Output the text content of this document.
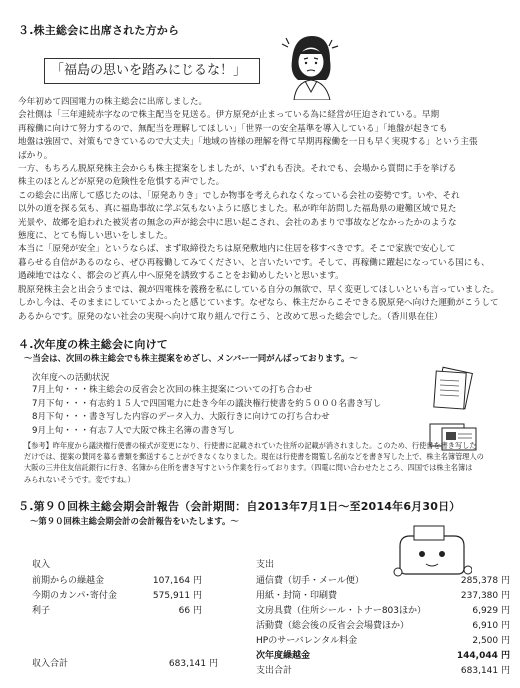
３.株主総会に出席された方から
「福島の思いを踏みにじるな！」
今年初めて四国電力の株主総会に出席しました。
会社側は「三年連続赤字なので株主配当を見送る。伊方原発が止まっている為に経営が圧迫されている。早期
再稼働に向けて努力するので、無配当を理解してほしい」「世界一の安全基準を導入している」「地盤が起きても
地盤は強固で、対策もできているので大丈夫」「地域の皆様の理解を得て早期再稼働を一日も早く実現する」という主張
ばかり。
一方、もちろん脱原発株主会からも株主提案をしましたが、いずれも否決。それでも、会場から質問に手を挙げる
株主のほとんどが原発の危険性を危惧する声でした。
この総会に出席して感じたのは、「原発ありき」でしか物事を考えられなくなっている会社の姿勢です。いや、それ
以外の道を探る気も、真に福島事故に学ぶ気もないように感じました。私が昨年訪問した福島県の避難区域で見た
光景や、故郷を追われた被災者の無念の声が総会中に思い起こされ、会社のあまりで事故などなかったかのような
態度に、とても悔しい思いをしました。
本当に「原発が安全」というならば、まず取締役たちは原発敷地内に住居を移すべきです。そこで家族で安心して
暮らせる自信があるのなら、ぜひ再稼働してみてください、と言いたいです。そして、再稼働に躍起になっている国にも、
過疎地ではなく、都会のど真ん中へ原発を誘致することをお勧めしたいと思います。
脱原発株主会と出会うまでは、親が四電株を義務を私にしている自分の無欲で、早く変更してほしいといも言っていました。
しかし今は、そのままにしていてよかったと感じています。なぜなら、株主だからこそできる脱原発へ向けた運動がこうして
あるからです。原発のない社会の実現へ向けて取り組んで行こう、と改めて思った総会でした。（香川県在住）
４.次年度の株主総会に向けて
～当会は、次回の株主総会でも株主提案をめざし、メンバー一同がんばっております。～
次年度への活動状況
7月上旬・・・株主総会の反省会と次回の株主提案についての打ち合わせ
7月下旬・・・有志約１５人で四国電力に赴き今年の議決権行使書を約５０００名書き写し
8月下旬・・・書き写した内容のデータ入力、大阪行きに向けての打ち合わせ
9月上旬・・・有志７人で大阪で株主名簿の書き写し
【参考】昨年度から議決権行使書の様式が変更になり、行使書に記載されていた住所の記載が消されました。このため、行使書を書き写した
だけでは、提案の賛同を募る書類を郵送することができなくなりました。現在は行使書を閲覧し名前などを書き写した上で、株主名簿管理人の
大阪の三井住友信託銀行に行き、名簿から住所を書き写すという作業を行っております。（四電に問い合わせたところ、四国では株主名簿は
みられないそうです。変ですね。）
５.第９０回株主総会期会計報告（会計期間：自2013年7月1日～至2014年6月30日）
～第９０回株主総会期会計の会計報告をいたします。～
収入
前期からの繰越金	107,164 円
今期のカンパ･寄付金	575,911 円
利子	66 円
収入合計	683,141 円
支出
通信費（切手・メール便）	285,378 円
用紙・封筒・印刷費	237,380 円
文房具費（住所シール・トナー803ほか）	6,929 円
活動費（総会後の反省会会場費ほか）	6,910 円
HPのサーバレンタル料金	2,500 円
次年度繰越金	144,044 円
支出合計	683,141 円
